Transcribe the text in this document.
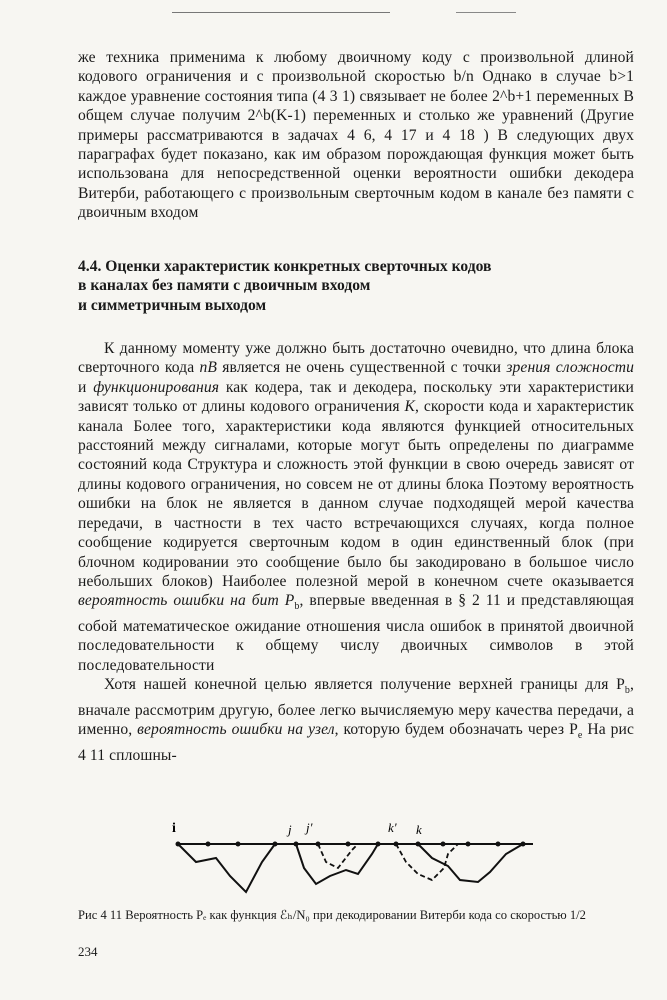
же техника применима к любому двоичному коду с произвольной длиной кодового ограничения и с произвольной скоростью b/n Однако в случае b>1 каждое уравнение состояния типа (4 3 1) связывает не более 2^b+1 переменных В общем случае получим 2^b(K-1) переменных и столько же уравнений (Другие примеры рассматриваются в задачах 4 6, 4 17 и 4 18 ) В следующих двух параграфах будет показано, как им образом порождающая функция может быть использована для непосредственной оценки вероятности ошибки декодера Витерби, работающего с произвольным сверточным кодом в канале без памяти с двоичным входом

4.4. Оценки характеристик конкретных сверточных кодов
в каналах без памяти с двоичным входом
и симметричным выходом

К данному моменту уже должно быть достаточно очевидно, что длина блока сверточного кода nB является не очень существенной с точки зрения сложности и функционирования как кодера, так и декодера, поскольку эти характеристики зависят только от длины кодового ограничения K, скорости кода и характеристик канала Более того, характеристики кода являются функцией относительных расстояний между сигналами, которые могут быть определены по диаграмме состояний кода Структура и сложность этой функции в свою очередь зависят от длины кодового ограничения, но совсем не от длины блока Поэтому вероятность ошибки на блок не является в данном случае подходящей мерой качества передачи, в частности в тех часто встречающихся случаях, когда полное сообщение кодируется сверточным кодом в один единственный блок (при блочном кодировании это сообщение было бы закодировано в большое число небольших блоков) Наиболее полезной мерой в конечном счете оказывается вероятность ошибки на бит $P_b$, впервые введенная в § 2 11 и представляющая собой математическое ожидание отношения числа ошибок в принятой двоичной последовательности к общему числу двоичных символов в этой последовательности

Хотя нашей конечной целью является получение верхней границы для $P_b$, вначале рассмотрим другую, более легко вычисляемую меру качества передачи, а именно, вероятность ошибки на узел, которую будем обозначать через $P_e$ На рис 4 11 сплошны-

i	j j'	k' k
Рис 4 11 Вероятность Pₑ как функция ℰₕ/N₀ при декодировании Витерби кода со скоростью 1/2
234
